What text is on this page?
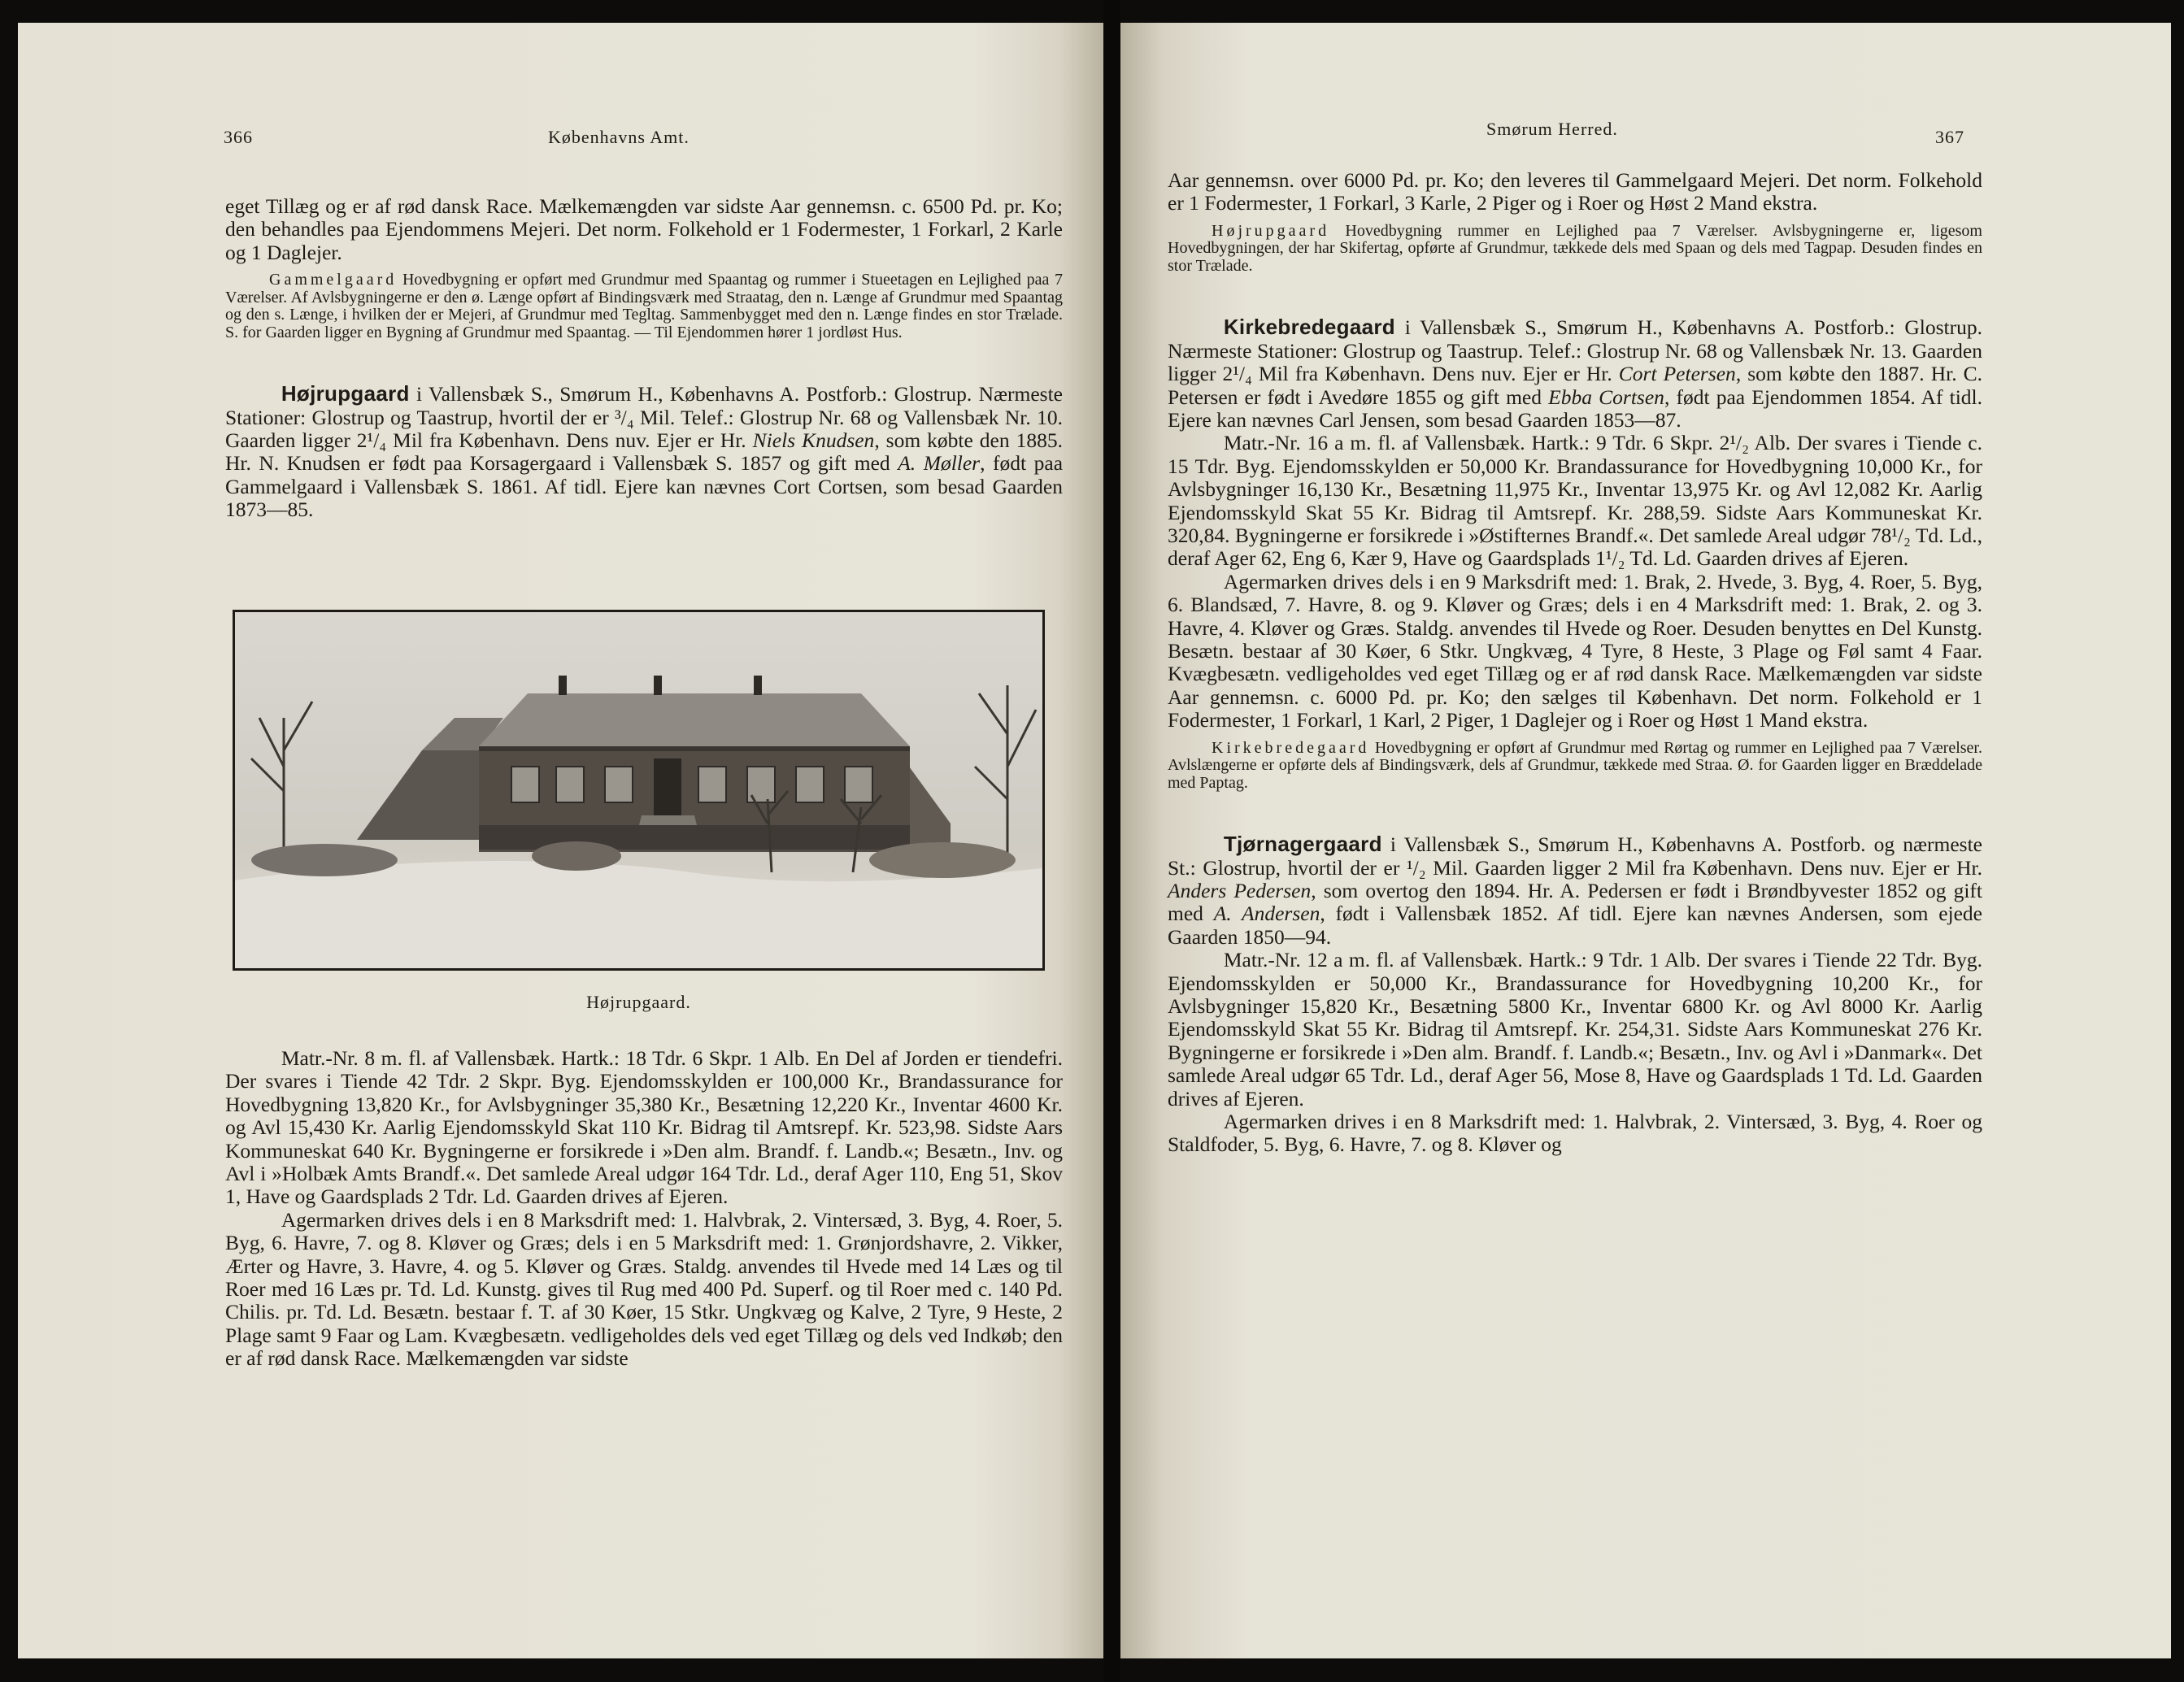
366	Københavns Amt.

eget Tillæg og er af rød dansk Race. Mælkemængden var sidste Aar gennemsn. c. 6500 Pd. pr. Ko; den behandles paa Ejendommens Mejeri. Det norm. Folkehold er 1 Fodermester, 1 Forkarl, 2 Karle og 1 Daglejer.

Gammelgaard Hovedbygning er opført med Grundmur med Spaantag og rummer i Stueetagen en Lejlighed paa 7 Værelser. Af Avlsbygningerne er den ø. Længe opført af Bindingsværk med Straatag, den n. Længe af Grundmur med Spaantag og den s. Længe, i hvilken der er Mejeri, af Grundmur med Tegltag. Sammenbygget med den n. Længe findes en stor Trælade. S. for Gaarden ligger en Bygning af Grundmur med Spaantag. — Til Ejendommen hører 1 jordløst Hus.

Højrupgaard i Vallensbæk S., Smørum H., Københavns A. Postforb.: Glostrup. Nærmeste Stationer: Glostrup og Taastrup, hvortil der er ³/₄ Mil. Telef.: Glostrup Nr. 68 og Vallensbæk Nr. 10. Gaarden ligger 2¹/₄ Mil fra København. Dens nuv. Ejer er Hr. Niels Knudsen, som købte den 1885. Hr. N. Knudsen er født paa Korsagergaard i Vallensbæk S. 1857 og gift med A. Møller, født paa Gammelgaard i Vallensbæk S. 1861. Af tidl. Ejere kan nævnes Cort Cortsen, som besad Gaarden 1873—85.

Højrupgaard.

Matr.-Nr. 8 m. fl. af Vallensbæk. Hartk.: 18 Tdr. 6 Skpr. 1 Alb. En Del af Jorden er tiendefri. Der svares i Tiende 42 Tdr. 2 Skpr. Byg. Ejendomsskylden er 100,000 Kr., Brandassurance for Hovedbygning 13,820 Kr., for Avlsbygninger 35,380 Kr., Besætning 12,220 Kr., Inventar 4600 Kr. og Avl 15,430 Kr. Aarlig Ejendomsskyld Skat 110 Kr. Bidrag til Amtsrepf. Kr. 523,98. Sidste Aars Kommuneskat 640 Kr. Bygningerne er forsikrede i »Den alm. Brandf. f. Landb.«; Besætn., Inv. og Avl i »Holbæk Amts Brandf.«. Det samlede Areal udgør 164 Tdr. Ld., deraf Ager 110, Eng 51, Skov 1, Have og Gaardsplads 2 Tdr. Ld. Gaarden drives af Ejeren.

Agermarken drives dels i en 8 Marksdrift med: 1. Halvbrak, 2. Vintersæd, 3. Byg, 4. Roer, 5. Byg, 6. Havre, 7. og 8. Kløver og Græs; dels i en 5 Marksdrift med: 1. Grønjordshavre, 2. Vikker, Ærter og Havre, 3. Havre, 4. og 5. Kløver og Græs. Staldg. anvendes til Hvede med 14 Læs og til Roer med 16 Læs pr. Td. Ld. Kunstg. gives til Rug med 400 Pd. Superf. og til Roer med c. 140 Pd. Chilis. pr. Td. Ld. Besætn. bestaar f. T. af 30 Køer, 15 Stkr. Ungkvæg og Kalve, 2 Tyre, 9 Heste, 2 Plage samt 9 Faar og Lam. Kvægbesætn. vedligeholdes dels ved eget Tillæg og dels ved Indkøb; den er af rød dansk Race. Mælkemængden var sidste

Smørum Herred.	367

Aar gennemsn. over 6000 Pd. pr. Ko; den leveres til Gammelgaard Mejeri. Det norm. Folkehold er 1 Fodermester, 1 Forkarl, 3 Karle, 2 Piger og i Roer og Høst 2 Mand ekstra.

Højrupgaard Hovedbygning rummer en Lejlighed paa 7 Værelser. Avlsbygningerne er, ligesom Hovedbygningen, der har Skifertag, opførte af Grundmur, tækkede dels med Spaan og dels med Tagpap. Desuden findes en stor Trælade.

Kirkebredegaard i Vallensbæk S., Smørum H., Københavns A. Postforb.: Glostrup. Nærmeste Stationer: Glostrup og Taastrup. Telef.: Glostrup Nr. 68 og Vallensbæk Nr. 13. Gaarden ligger 2¹/₄ Mil fra København. Dens nuv. Ejer er Hr. Cort Petersen, som købte den 1887. Hr. C. Petersen er født i Avedøre 1855 og gift med Ebba Cortsen, født paa Ejendommen 1854. Af tidl. Ejere kan nævnes Carl Jensen, som besad Gaarden 1853—87.

Matr.-Nr. 16 a m. fl. af Vallensbæk. Hartk.: 9 Tdr. 6 Skpr. 2¹/₂ Alb. Der svares i Tiende c. 15 Tdr. Byg. Ejendomsskylden er 50,000 Kr. Brandassurance for Hovedbygning 10,000 Kr., for Avlsbygninger 16,130 Kr., Besætning 11,975 Kr., Inventar 13,975 Kr. og Avl 12,082 Kr. Aarlig Ejendomsskyld Skat 55 Kr. Bidrag til Amtsrepf. Kr. 288,59. Sidste Aars Kommuneskat Kr. 320,84. Bygningerne er forsikrede i »Østifternes Brandf.«. Det samlede Areal udgør 78¹/₂ Td. Ld., deraf Ager 62, Eng 6, Kær 9, Have og Gaardsplads 1¹/₂ Td. Ld. Gaarden drives af Ejeren.

Agermarken drives dels i en 9 Marksdrift med: 1. Brak, 2. Hvede, 3. Byg, 4. Roer, 5. Byg, 6. Blandsæd, 7. Havre, 8. og 9. Kløver og Græs; dels i en 4 Marksdrift med: 1. Brak, 2. og 3. Havre, 4. Kløver og Græs. Staldg. anvendes til Hvede og Roer. Desuden benyttes en Del Kunstg. Besætn. bestaar af 30 Køer, 6 Stkr. Ungkvæg, 4 Tyre, 8 Heste, 3 Plage og Føl samt 4 Faar. Kvægbesætn. vedligeholdes ved eget Tillæg og er af rød dansk Race. Mælkemængden var sidste Aar gennemsn. c. 6000 Pd. pr. Ko; den sælges til København. Det norm. Folkehold er 1 Fodermester, 1 Forkarl, 1 Karl, 2 Piger, 1 Daglejer og i Roer og Høst 1 Mand ekstra.

Kirkebredegaard Hovedbygning er opført af Grundmur med Rørtag og rummer en Lejlighed paa 7 Værelser. Avlslængerne er opførte dels af Bindingsværk, dels af Grundmur, tækkede med Straa. Ø. for Gaarden ligger en Bræddelade med Paptag.

Tjørnagergaard i Vallensbæk S., Smørum H., Københavns A. Postforb. og nærmeste St.: Glostrup, hvortil der er ¹/₂ Mil. Gaarden ligger 2 Mil fra København. Dens nuv. Ejer er Hr. Anders Pedersen, som overtog den 1894. Hr. A. Pedersen er født i Brøndbyvester 1852 og gift med A. Andersen, født i Vallensbæk 1852. Af tidl. Ejere kan nævnes Andersen, som ejede Gaarden 1850—94.

Matr.-Nr. 12 a m. fl. af Vallensbæk. Hartk.: 9 Tdr. 1 Alb. Der svares i Tiende 22 Tdr. Byg. Ejendomsskylden er 50,000 Kr., Brandassurance for Hovedbygning 10,200 Kr., for Avlsbygninger 15,820 Kr., Besætning 5800 Kr., Inventar 6800 Kr. og Avl 8000 Kr. Aarlig Ejendomsskyld Skat 55 Kr. Bidrag til Amtsrepf. Kr. 254,31. Sidste Aars Kommuneskat 276 Kr. Bygningerne er forsikrede i »Den alm. Brandf. f. Landb.«; Besætn., Inv. og Avl i »Danmark«. Det samlede Areal udgør 65 Tdr. Ld., deraf Ager 56, Mose 8, Have og Gaardsplads 1 Td. Ld. Gaarden drives af Ejeren.

Agermarken drives i en 8 Marksdrift med: 1. Halvbrak, 2. Vintersæd, 3. Byg, 4. Roer og Staldfoder, 5. Byg, 6. Havre, 7. og 8. Kløver og
